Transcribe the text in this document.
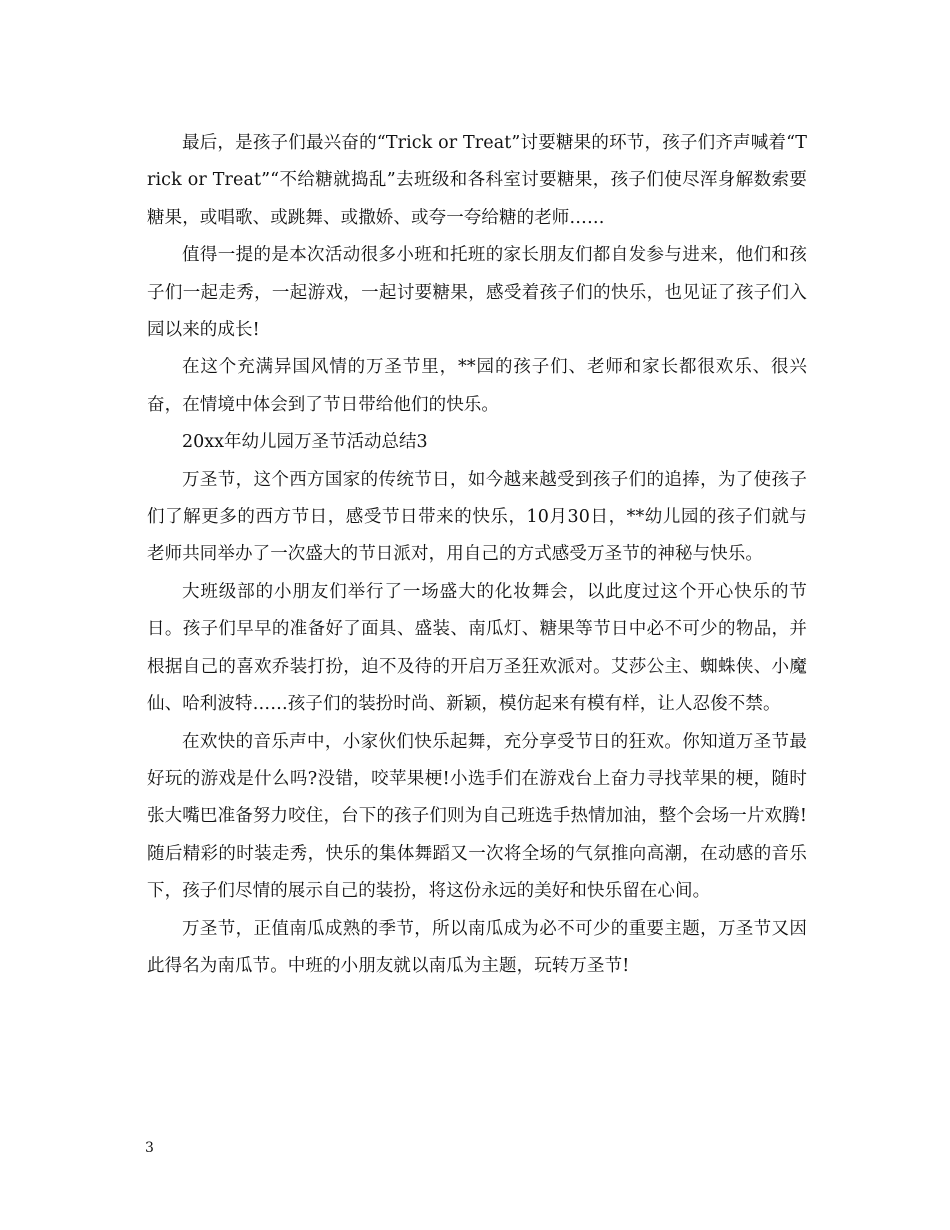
最后，是孩子们最兴奋的“Trick or Treat”讨要糖果的环节，孩子们齐声喊着“Trick or Treat”“不给糖就捣乱”去班级和各科室讨要糖果，孩子们使尽浑身解数索要糖果，或唱歌、或跳舞、或撒娇、或夸一夸给糖的老师……

值得一提的是本次活动很多小班和托班的家长朋友们都自发参与进来，他们和孩子们一起走秀，一起游戏，一起讨要糖果，感受着孩子们的快乐，也见证了孩子们入园以来的成长!

在这个充满异国风情的万圣节里，**园的孩子们、老师和家长都很欢乐、很兴奋，在情境中体会到了节日带给他们的快乐。

20xx年幼儿园万圣节活动总结3

万圣节，这个西方国家的传统节日，如今越来越受到孩子们的追捧，为了使孩子们了解更多的西方节日，感受节日带来的快乐，10月30日，**幼儿园的孩子们就与老师共同举办了一次盛大的节日派对，用自己的方式感受万圣节的神秘与快乐。

大班级部的小朋友们举行了一场盛大的化妆舞会，以此度过这个开心快乐的节日。孩子们早早的准备好了面具、盛装、南瓜灯、糖果等节日中必不可少的物品，并根据自己的喜欢乔装打扮，迫不及待的开启万圣狂欢派对。艾莎公主、蜘蛛侠、小魔仙、哈利波特……孩子们的装扮时尚、新颖，模仿起来有模有样，让人忍俊不禁。

在欢快的音乐声中，小家伙们快乐起舞，充分享受节日的狂欢。你知道万圣节最好玩的游戏是什么吗?没错，咬苹果梗!小选手们在游戏台上奋力寻找苹果的梗，随时张大嘴巴准备努力咬住，台下的孩子们则为自己班选手热情加油，整个会场一片欢腾!随后精彩的时装走秀，快乐的集体舞蹈又一次将全场的气氛推向高潮，在动感的音乐下，孩子们尽情的展示自己的装扮，将这份永远的美好和快乐留在心间。

万圣节，正值南瓜成熟的季节，所以南瓜成为必不可少的重要主题，万圣节又因此得名为南瓜节。中班的小朋友就以南瓜为主题，玩转万圣节!

3
